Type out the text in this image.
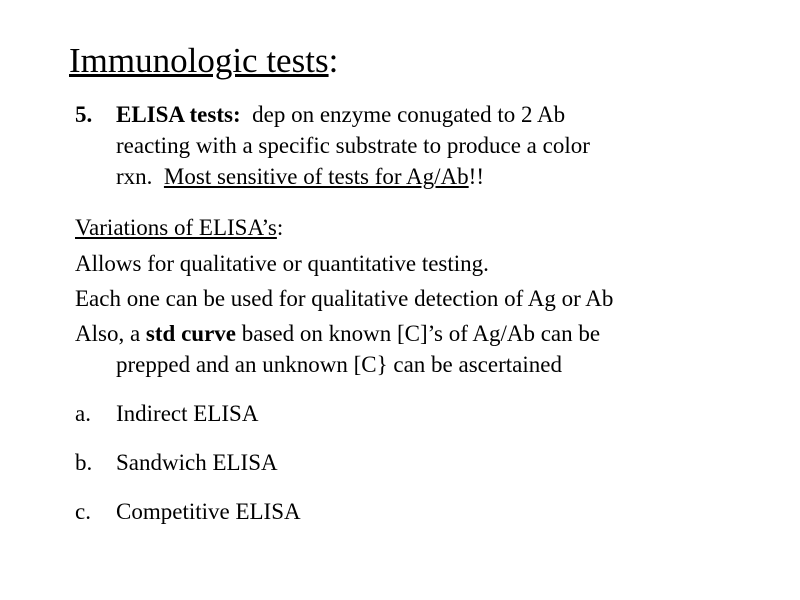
Immunologic tests:
5. ELISA tests: dep on enzyme conugated to 2 Ab
reacting with a specific substrate to produce a color
rxn. Most sensitive of tests for Ag/Ab!!
Variations of ELISA’s:
Allows for qualitative or quantitative testing.
Each one can be used for qualitative detection of Ag or Ab
Also, a std curve based on known [C]’s of Ag/Ab can be
prepped and an unknown [C} can be ascertained
a.	Indirect ELISA
b.	Sandwich ELISA
c.	Competitive ELISA
